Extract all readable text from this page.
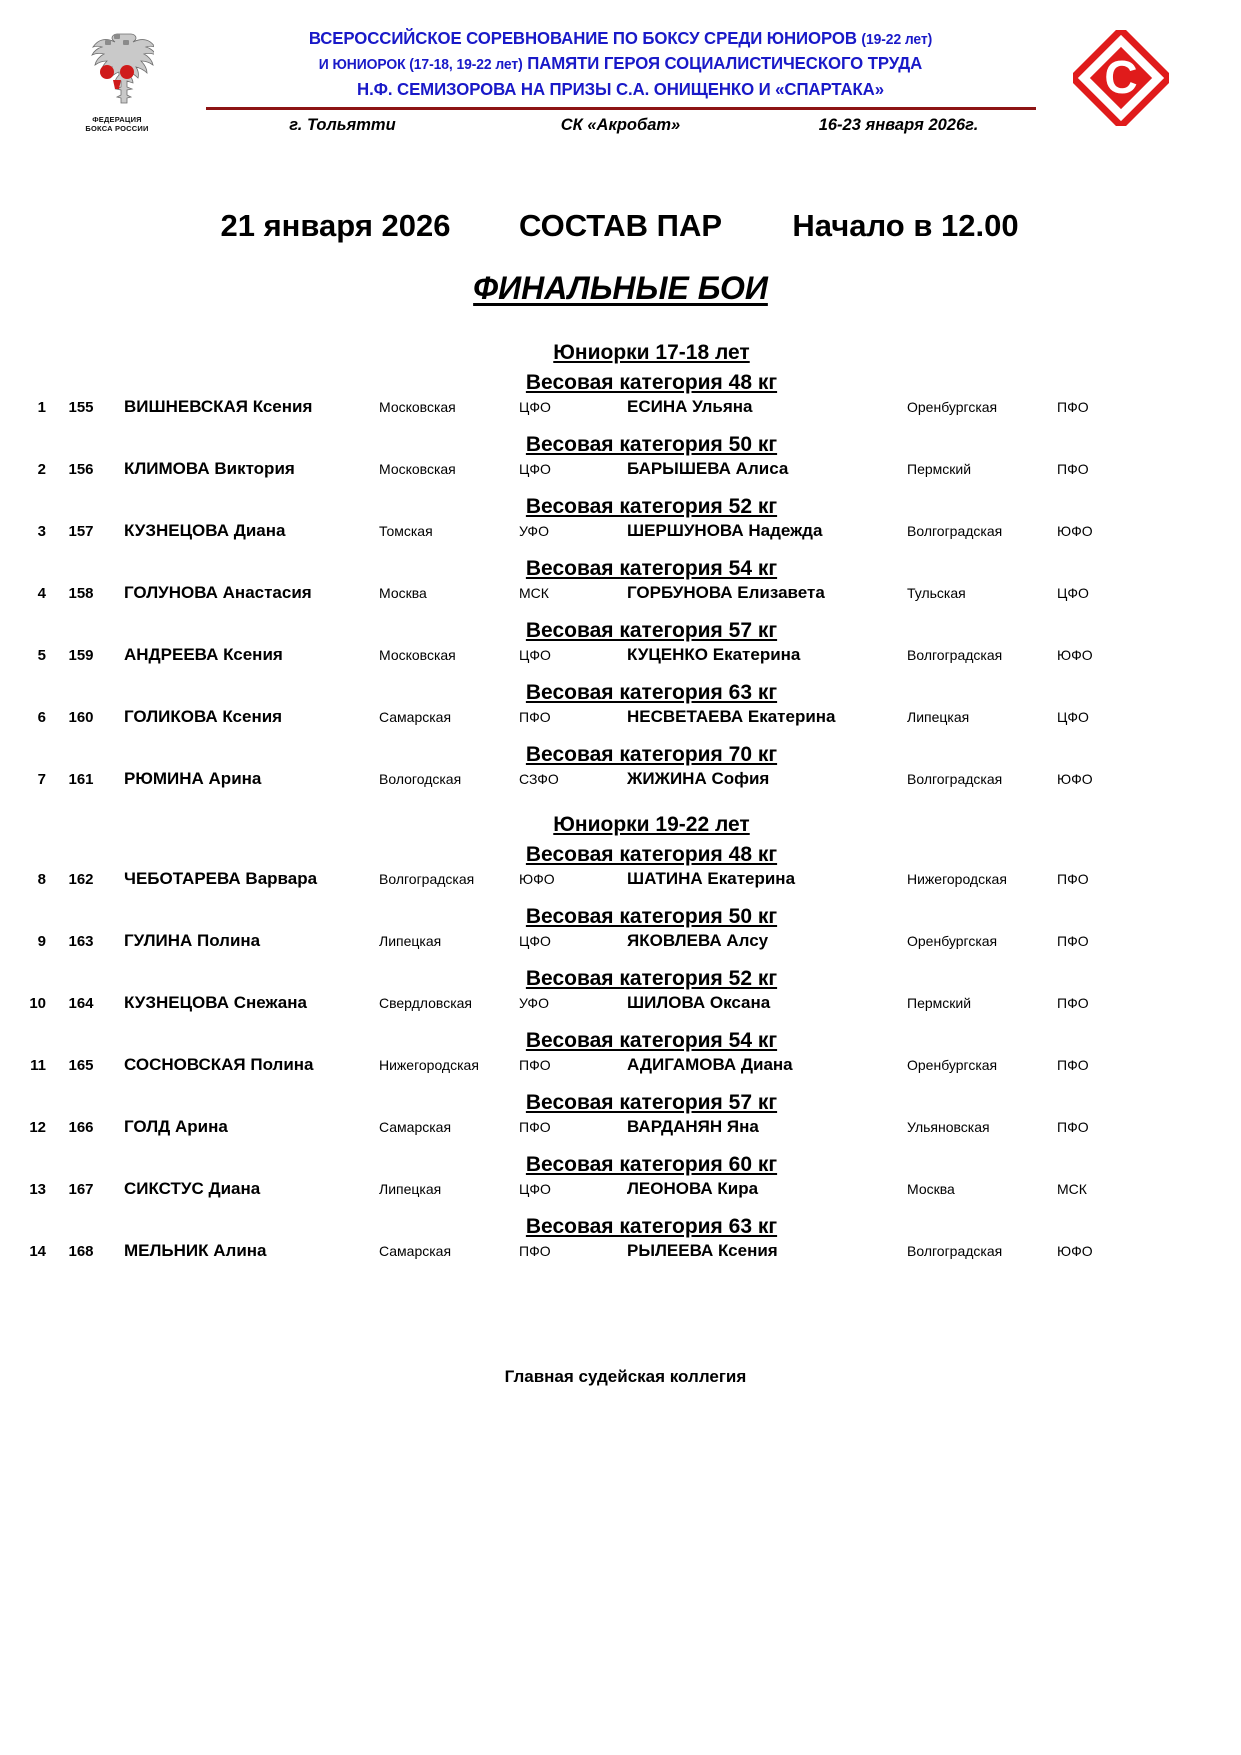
ФЕДЕРАЦИЯ
БОКСА РОССИИ
C
ВСЕРОССИЙСКОЕ СОРЕВНОВАНИЕ ПО БОКСУ СРЕДИ ЮНИОРОВ (19-22 лет)
И ЮНИОРОК (17-18, 19-22 лет) ПАМЯТИ ГЕРОЯ СОЦИАЛИСТИЧЕСКОГО ТРУДА
Н.Ф. СЕМИЗОРОВА НА ПРИЗЫ С.А. ОНИЩЕНКО И «СПАРТАКА»
г. Тольятти	СК «Акробат»	16-23 января 2026г.
21 января 2026	СОСТАВ ПАР	Начало в 12.00
ФИНАЛЬНЫЕ БОИ
Юниорки 17-18 лет
Весовая категория 48 кг
1	155	ВИШНЕВСКАЯ Ксения	Московская	ЦФО	ЕСИНА Ульяна	Оренбургская	ПФО
Весовая категория 50 кг
2	156	КЛИМОВА Виктория	Московская	ЦФО	БАРЫШЕВА Алиса	Пермский	ПФО
Весовая категория 52 кг
3	157	КУЗНЕЦОВА Диана	Томская	УФО	ШЕРШУНОВА Надежда	Волгоградская	ЮФО
Весовая категория 54 кг
4	158	ГОЛУНОВА Анастасия	Москва	МСК	ГОРБУНОВА Елизавета	Тульская	ЦФО
Весовая категория 57 кг
5	159	АНДРЕЕВА Ксения	Московская	ЦФО	КУЦЕНКО Екатерина	Волгоградская	ЮФО
Весовая категория 63 кг
6	160	ГОЛИКОВА Ксения	Самарская	ПФО	НЕСВЕТАЕВА Екатерина	Липецкая	ЦФО
Весовая категория 70 кг
7	161	РЮМИНА Арина	Вологодская	СЗФО	ЖИЖИНА София	Волгоградская	ЮФО
Юниорки 19-22 лет
Весовая категория 48 кг
8	162	ЧЕБОТАРЕВА Варвара	Волгоградская	ЮФО	ШАТИНА Екатерина	Нижегородская	ПФО
Весовая категория 50 кг
9	163	ГУЛИНА Полина	Липецкая	ЦФО	ЯКОВЛЕВА Алсу	Оренбургская	ПФО
Весовая категория 52 кг
10	164	КУЗНЕЦОВА Снежана	Свердловская	УФО	ШИЛОВА Оксана	Пермский	ПФО
Весовая категория 54 кг
11	165	СОСНОВСКАЯ Полина	Нижегородская	ПФО	АДИГАМОВА Диана	Оренбургская	ПФО
Весовая категория 57 кг
12	166	ГОЛД Арина	Самарская	ПФО	ВАРДАНЯН Яна	Ульяновская	ПФО
Весовая категория 60 кг
13	167	СИКСТУС Диана	Липецкая	ЦФО	ЛЕОНОВА Кира	Москва	МСК
Весовая категория 63 кг
14	168	МЕЛЬНИК Алина	Самарская	ПФО	РЫЛЕЕВА Ксения	Волгоградская	ЮФО
Главная судейская коллегия
